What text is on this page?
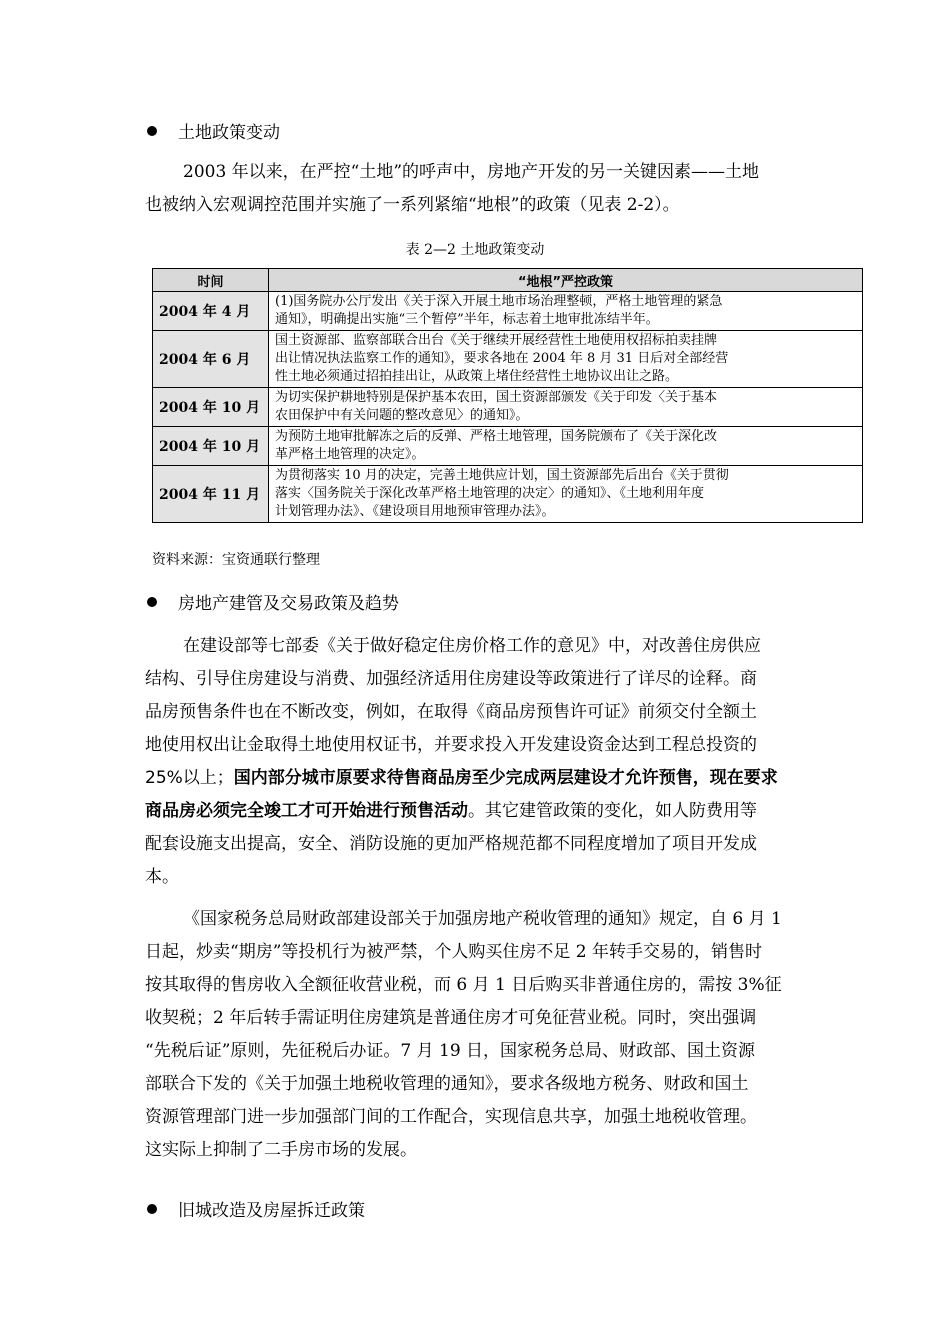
土地政策变动
2003 年以来，在严控“土地”的呼声中，房地产开发的另一关键因素——土地
也被纳入宏观调控范围并实施了一系列紧缩“地根”的政策（见表 2-2）。
表 2—2 土地政策变动
时间	“地根”严控政策
2004 年 4 月	(1)国务院办公厅发出《关于深入开展土地市场治理整顿，严格土地管理的紧急
通知》，明确提出实施“三个暂停”半年，标志着土地审批冻结半年。

2004 年 6 月	国土资源部、监察部联合出台《关于继续开展经营性土地使用权招标拍卖挂牌
出让情况执法监察工作的通知》，要求各地在 2004 年 8 月 31 日后对全部经营
性土地必须通过招拍挂出让，从政策上堵住经营性土地协议出让之路。

2004 年 10 月	为切实保护耕地特别是保护基本农田，国土资源部颁发《关于印发〈关于基本
农田保护中有关问题的整改意见〉的通知》。

2004 年 10 月	为预防土地审批解冻之后的反弹、严格土地管理，国务院颁布了《关于深化改
革严格土地管理的决定》。

2004 年 11 月	为贯彻落实 10 月的决定，完善土地供应计划，国土资源部先后出台《关于贯彻
落实〈国务院关于深化改革严格土地管理的决定〉的通知》、《土地利用年度
计划管理办法》、《建设项目用地预审管理办法》。
资料来源：宝资通联行整理
房地产建管及交易政策及趋势
在建设部等七部委《关于做好稳定住房价格工作的意见》中，对改善住房供应
结构、引导住房建设与消费、加强经济适用住房建设等政策进行了详尽的诠释。商
品房预售条件也在不断改变，例如，在取得《商品房预售许可证》前须交付全额土
地使用权出让金取得土地使用权证书，并要求投入开发建设资金达到工程总投资的
25%以上；国内部分城市原要求待售商品房至少完成两层建设才允许预售，现在要求
商品房必须完全竣工才可开始进行预售活动。其它建管政策的变化，如人防费用等
配套设施支出提高，安全、消防设施的更加严格规范都不同程度增加了项目开发成
本。
《国家税务总局财政部建设部关于加强房地产税收管理的通知》规定，自 6 月 1
日起，炒卖“期房”等投机行为被严禁，个人购买住房不足 2 年转手交易的，销售时
按其取得的售房收入全额征收营业税，而 6 月 1 日后购买非普通住房的，需按 3%征
收契税；2 年后转手需证明住房建筑是普通住房才可免征营业税。同时，突出强调
“先税后证”原则，先征税后办证。7 月 19 日，国家税务总局、财政部、国土资源
部联合下发的《关于加强土地税收管理的通知》，要求各级地方税务、财政和国土
资源管理部门进一步加强部门间的工作配合，实现信息共享，加强土地税收管理。
这实际上抑制了二手房市场的发展。
旧城改造及房屋拆迁政策
